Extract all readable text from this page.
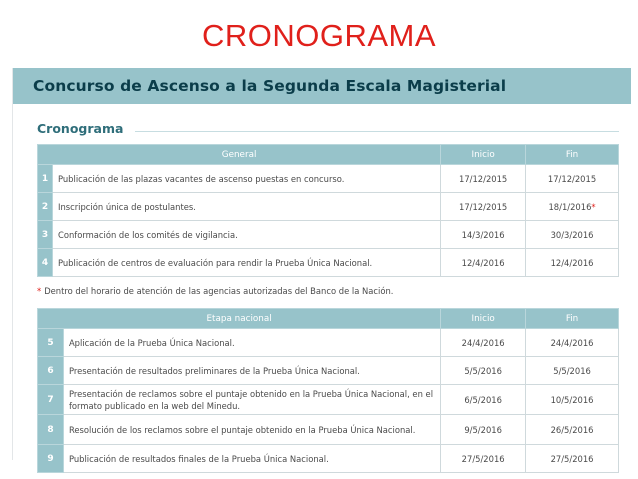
CRONOGRAMA
Concurso de Ascenso a la Segunda Escala Magisterial
Cronograma
General		Inicio	Fin
1	Publicación de las plazas vacantes de ascenso puestas en concurso.	17/12/2015	17/12/2015
2	Inscripción única de postulantes.	17/12/2015	18/1/2016*
3	Conformación de los comités de vigilancia.	14/3/2016	30/3/2016
4	Publicación de centros de evaluación para rendir la Prueba Única Nacional.	12/4/2016	12/4/2016
* Dentro del horario de atención de las agencias autorizadas del Banco de la Nación.
Etapa nacional		Inicio	Fin
5	Aplicación de la Prueba Única Nacional.	24/4/2016	24/4/2016
6	Presentación de resultados preliminares de la Prueba Única Nacional.	5/5/2016	5/5/2016
7	Presentación de reclamos sobre el puntaje obtenido en la Prueba Única Nacional, en el formato publicado en la web del Minedu.	6/5/2016	10/5/2016
8	Resolución de los reclamos sobre el puntaje obtenido en la Prueba Única Nacional.	9/5/2016	26/5/2016
9	Publicación de resultados finales de la Prueba Única Nacional.	27/5/2016	27/5/2016
